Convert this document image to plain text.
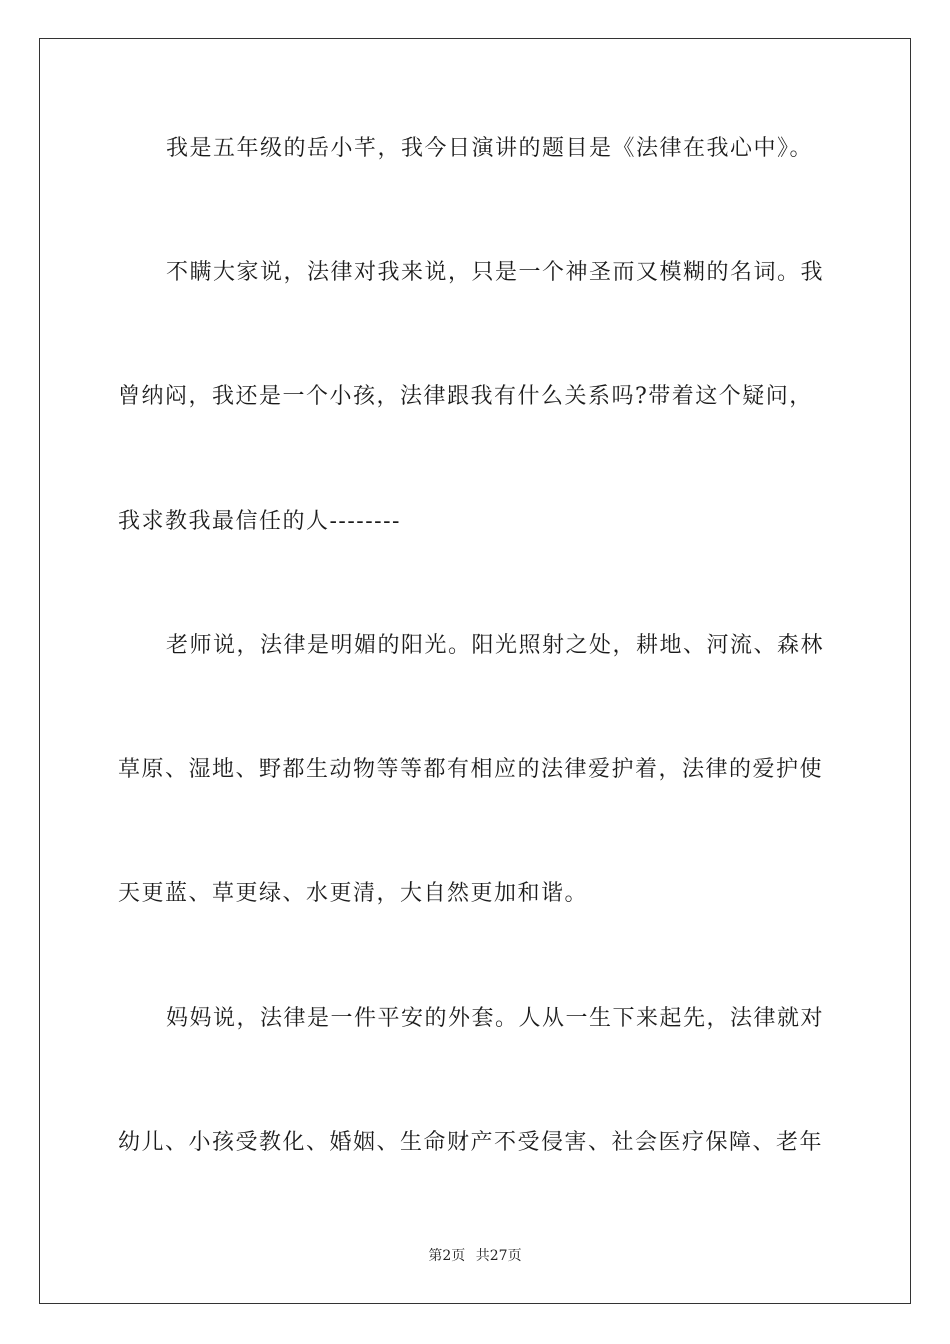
我是五年级的岳小芊，我今日演讲的题目是《法律在我心中》。
不瞒大家说，法律对我来说，只是一个神圣而又模糊的名词。我
曾纳闷，我还是一个小孩，法律跟我有什么关系吗?带着这个疑问，
我求教我最信任的人--------
老师说，法律是明媚的阳光。阳光照射之处，耕地、河流、森林
草原、湿地、野都生动物等等都有相应的法律爱护着，法律的爱护使
天更蓝、草更绿、水更清，大自然更加和谐。
妈妈说，法律是一件平安的外套。人从一生下来起先，法律就对
幼儿、小孩受教化、婚姻、生命财产不受侵害、社会医疗保障、老年
第2页 共27页
